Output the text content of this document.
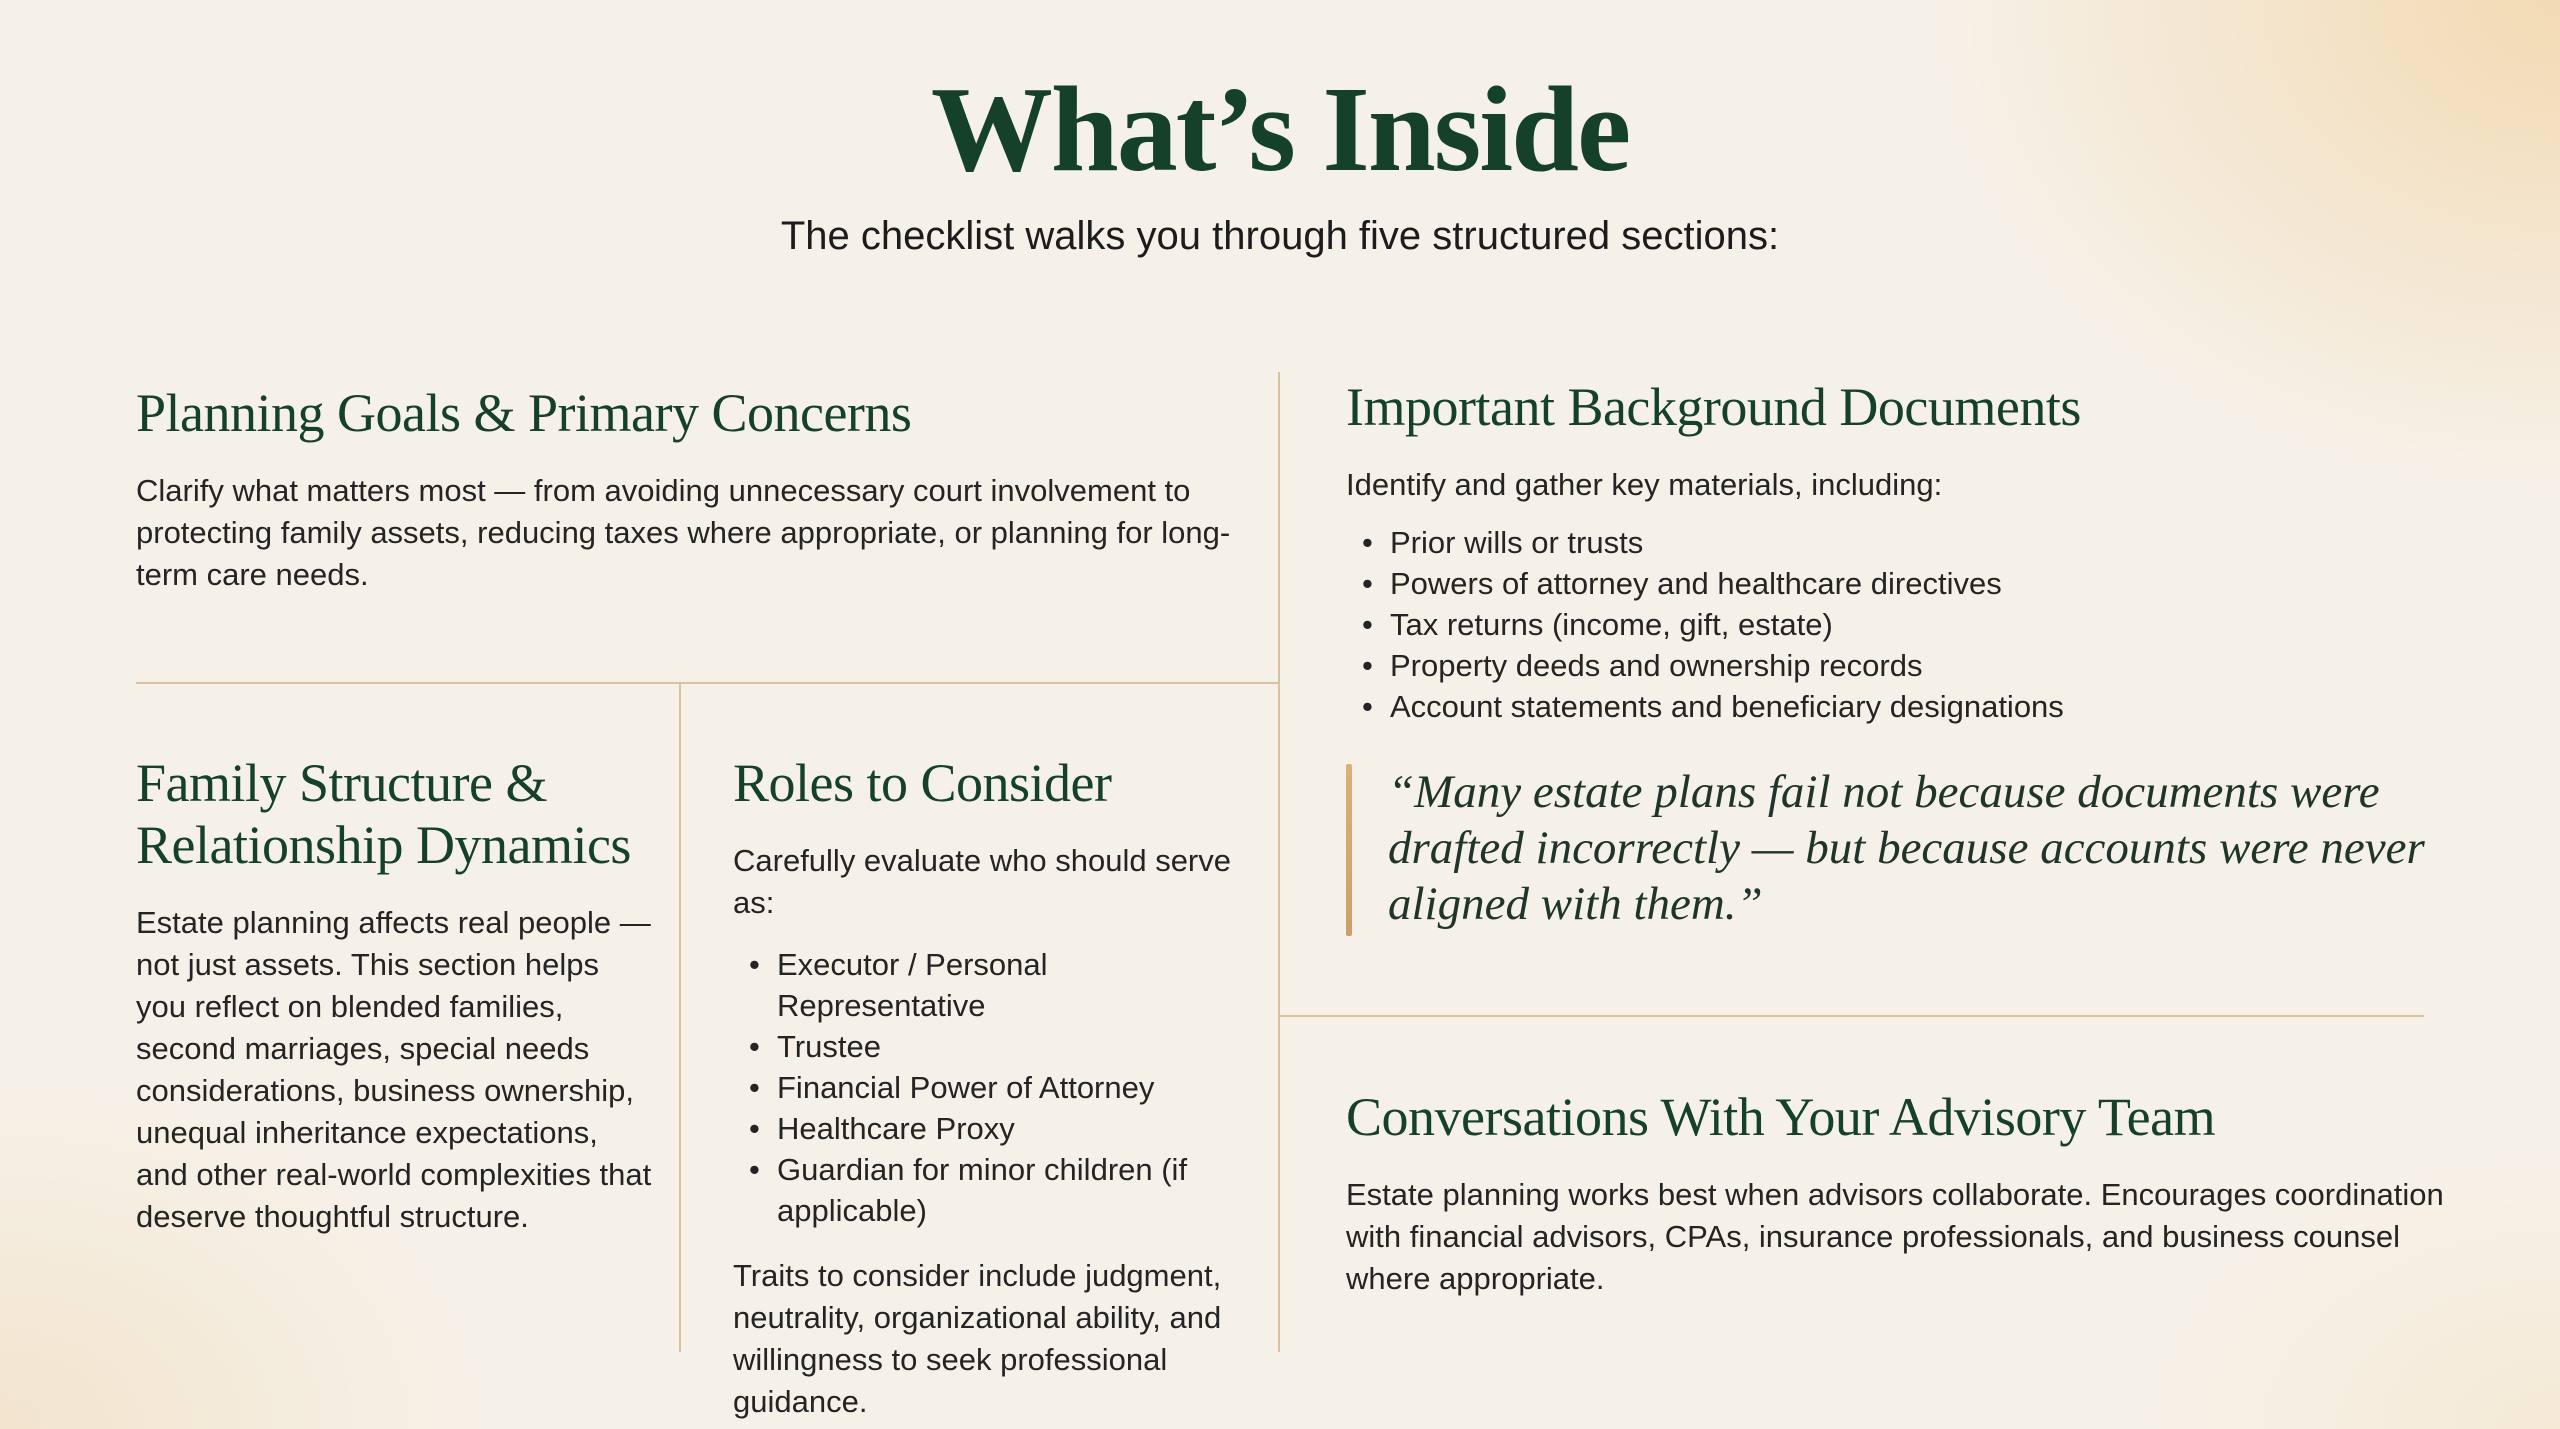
What’s Inside

The checklist walks you through five structured sections:

Planning Goals & Primary Concerns

Clarify what matters most — from avoiding unnecessary court involvement to protecting family assets, reducing taxes where appropriate, or planning for long-term care needs.

Family Structure &
Relationship Dynamics

Estate planning affects real people — not just assets. This section helps you reflect on blended families, second marriages, special needs considerations, business ownership, unequal inheritance expectations, and other real-world complexities that deserve thoughtful structure.

Roles to Consider

Carefully evaluate who should serve as:

• Executor / Personal Representative
• Trustee
• Financial Power of Attorney
• Healthcare Proxy
• Guardian for minor children (if applicable)

Traits to consider include judgment, neutrality, organizational ability, and willingness to seek professional guidance.

Important Background Documents

Identify and gather key materials, including:

• Prior wills or trusts
• Powers of attorney and healthcare directives
• Tax returns (income, gift, estate)
• Property deeds and ownership records
• Account statements and beneficiary designations

“Many estate plans fail not because documents were drafted incorrectly — but because accounts were never aligned with them.”

Conversations With Your Advisory Team

Estate planning works best when advisors collaborate. Encourages coordination with financial advisors, CPAs, insurance professionals, and business counsel where appropriate.
